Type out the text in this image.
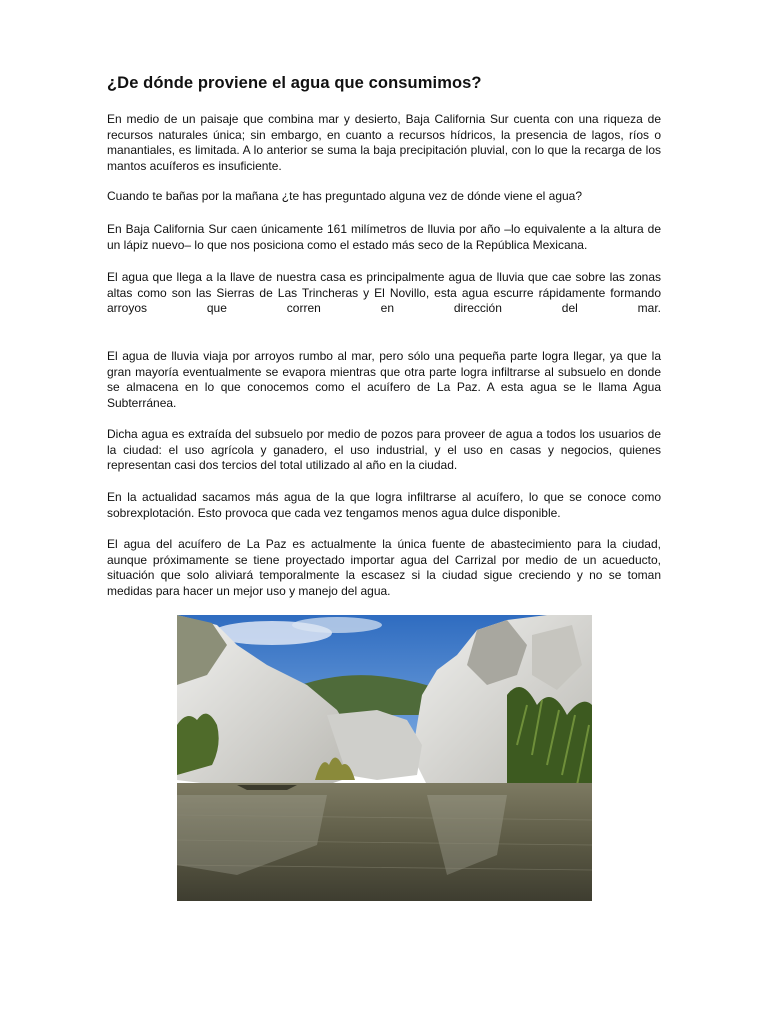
¿De dónde proviene el agua que consumimos?

En medio de un paisaje que combina mar y desierto, Baja California Sur cuenta con una riqueza de recursos naturales única; sin embargo, en cuanto a recursos hídricos, la presencia de lagos, ríos o manantiales, es limitada. A lo anterior se suma la baja precipitación pluvial, con lo que la recarga de los mantos acuíferos es insuficiente.

Cuando te bañas por la mañana ¿te has preguntado alguna vez de dónde viene el agua?

En Baja California Sur caen únicamente 161 milímetros de lluvia por año –lo equivalente a la altura de un lápiz nuevo– lo que nos posiciona como el estado más seco de la República Mexicana.

El agua que llega a la llave de nuestra casa es principalmente agua de lluvia que cae sobre las zonas altas como son las Sierras de Las Trincheras y El Novillo, esta agua escurre rápidamente formando arroyos que corren en dirección del mar.

El agua de lluvia viaja por arroyos rumbo al mar, pero sólo una pequeña parte logra llegar, ya que la gran mayoría eventualmente se evapora mientras que otra parte logra infiltrarse al subsuelo en donde se almacena en lo que conocemos como el acuífero de La Paz. A esta agua se le llama Agua Subterránea.

Dicha agua es extraída del subsuelo por medio de pozos para proveer de agua a todos los usuarios de la ciudad: el uso agrícola y ganadero, el uso industrial, y el uso en casas y negocios, quienes representan casi dos tercios del total utilizado al año en la ciudad.

En la actualidad sacamos más agua de la que logra infiltrarse al acuífero, lo que se conoce como sobrexplotación. Esto provoca que cada vez tengamos menos agua dulce disponible.

El agua del acuífero de La Paz es actualmente la única fuente de abastecimiento para la ciudad, aunque próximamente se tiene proyectado importar agua del Carrizal por medio de un acueducto, situación que solo aliviará temporalmente la escasez si la ciudad sigue creciendo y no se toman medidas para hacer un mejor uso y manejo del agua.
